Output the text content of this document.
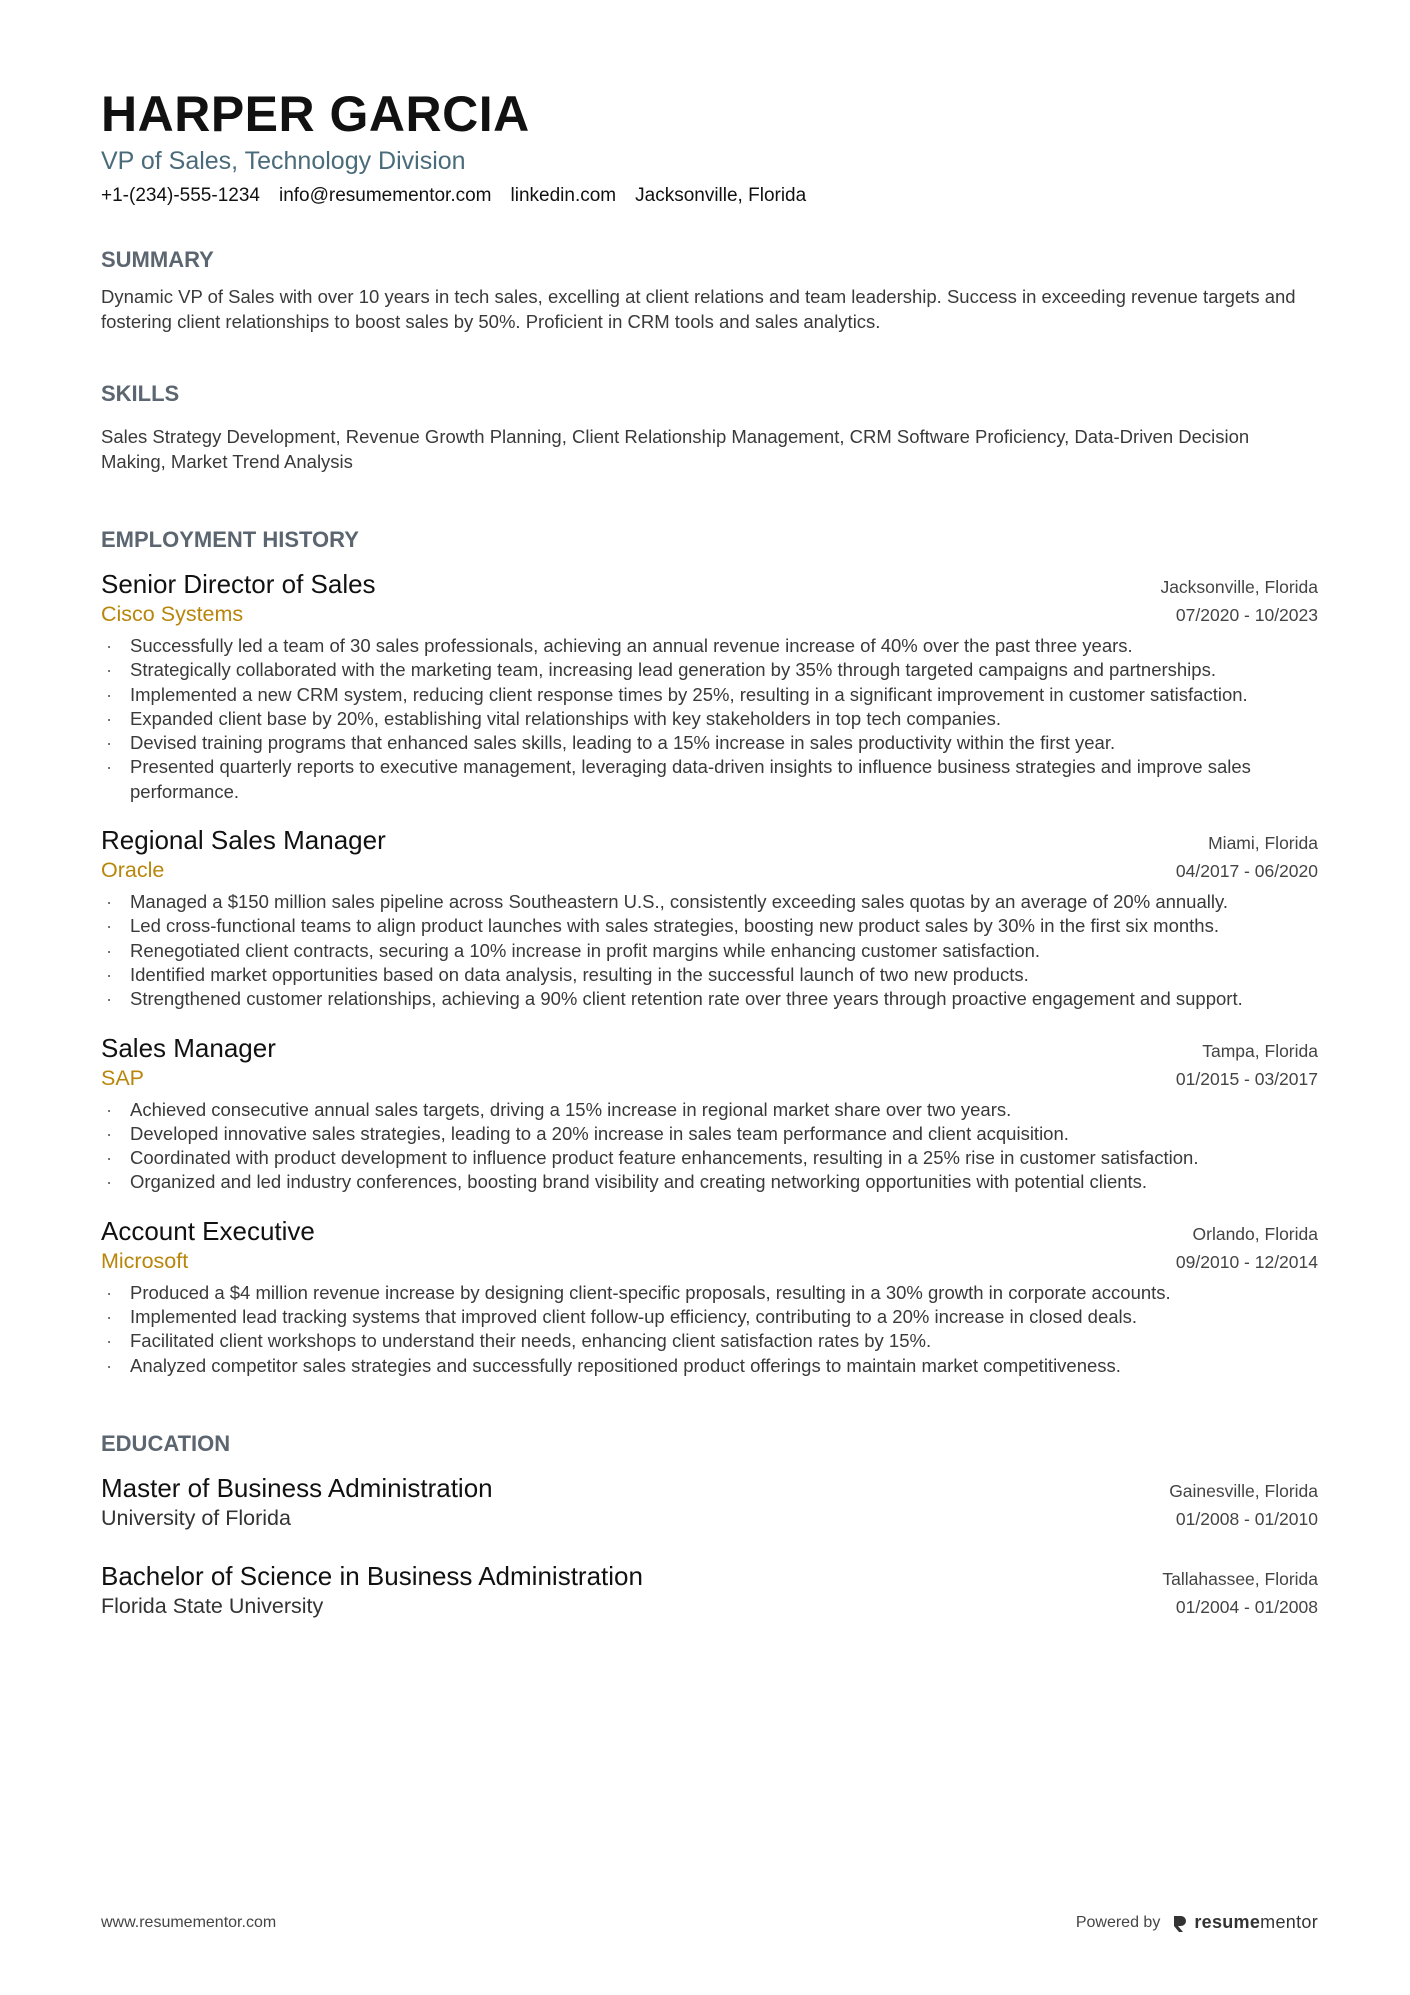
HARPER GARCIA
VP of Sales, Technology Division
+1-(234)-555-1234 info@resumementor.com linkedin.com Jacksonville, Florida
SUMMARY

Dynamic VP of Sales with over 10 years in tech sales, excelling at client relations and team leadership. Success in exceeding revenue targets and fostering client relationships to boost sales by 50%. Proficient in CRM tools and sales analytics.

SKILLS

Sales Strategy Development, Revenue Growth Planning, Client Relationship Management, CRM Software Proficiency, Data-Driven Decision Making, Market Trend Analysis

EMPLOYMENT HISTORY
Senior Director of Sales	Jacksonville, Florida
Cisco Systems	07/2020 - 10/2023
· Successfully led a team of 30 sales professionals, achieving an annual revenue increase of 40% over the past three years.
· Strategically collaborated with the marketing team, increasing lead generation by 35% through targeted campaigns and partnerships.
· Implemented a new CRM system, reducing client response times by 25%, resulting in a significant improvement in customer satisfaction.
· Expanded client base by 20%, establishing vital relationships with key stakeholders in top tech companies.
· Devised training programs that enhanced sales skills, leading to a 15% increase in sales productivity within the first year.
· Presented quarterly reports to executive management, leveraging data-driven insights to influence business strategies and improve sales performance.
Regional Sales Manager	Miami, Florida
Oracle	04/2017 - 06/2020
· Managed a $150 million sales pipeline across Southeastern U.S., consistently exceeding sales quotas by an average of 20% annually.
· Led cross-functional teams to align product launches with sales strategies, boosting new product sales by 30% in the first six months.
· Renegotiated client contracts, securing a 10% increase in profit margins while enhancing customer satisfaction.
· Identified market opportunities based on data analysis, resulting in the successful launch of two new products.
· Strengthened customer relationships, achieving a 90% client retention rate over three years through proactive engagement and support.
Sales Manager	Tampa, Florida
SAP	01/2015 - 03/2017
· Achieved consecutive annual sales targets, driving a 15% increase in regional market share over two years.
· Developed innovative sales strategies, leading to a 20% increase in sales team performance and client acquisition.
· Coordinated with product development to influence product feature enhancements, resulting in a 25% rise in customer satisfaction.
· Organized and led industry conferences, boosting brand visibility and creating networking opportunities with potential clients.
Account Executive	Orlando, Florida
Microsoft	09/2010 - 12/2014
· Produced a $4 million revenue increase by designing client-specific proposals, resulting in a 30% growth in corporate accounts.
· Implemented lead tracking systems that improved client follow-up efficiency, contributing to a 20% increase in closed deals.
· Facilitated client workshops to understand their needs, enhancing client satisfaction rates by 15%.
· Analyzed competitor sales strategies and successfully repositioned product offerings to maintain market competitiveness.
EDUCATION
Master of Business Administration	Gainesville, Florida
University of Florida	01/2008 - 01/2010
Bachelor of Science in Business Administration	Tallahassee, Florida
Florida State University	01/2004 - 01/2008
www.resumementor.com	Powered by resumementor
